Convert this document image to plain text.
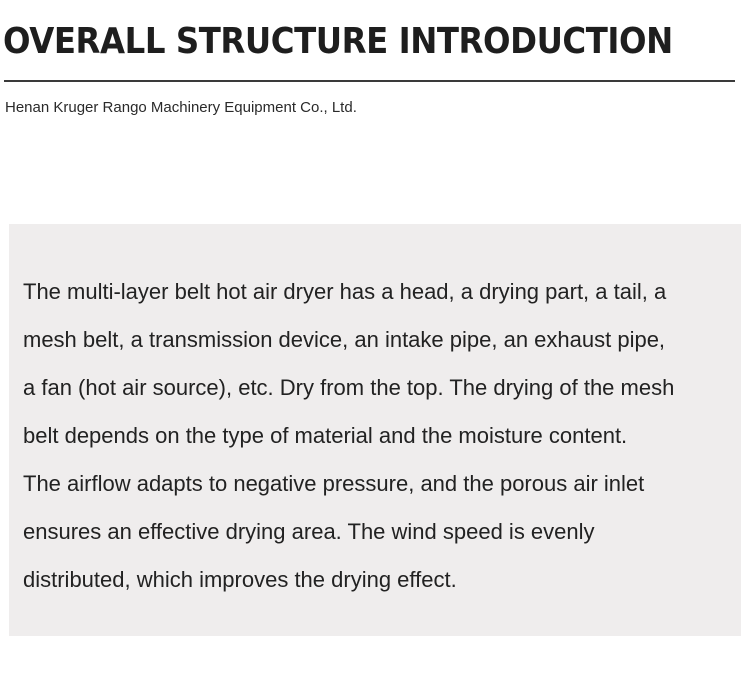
OVERALL STRUCTURE INTRODUCTION
Henan Kruger Rango Machinery Equipment Co., Ltd.

The multi-layer belt hot air dryer has a head, a drying part, a tail, a
mesh belt, a transmission device, an intake pipe, an exhaust pipe,
a fan (hot air source), etc. Dry from the top. The drying of the mesh
belt depends on the type of material and the moisture content.
The airflow adapts to negative pressure, and the porous air inlet
ensures an effective drying area. The wind speed is evenly
distributed, which improves the drying effect.
